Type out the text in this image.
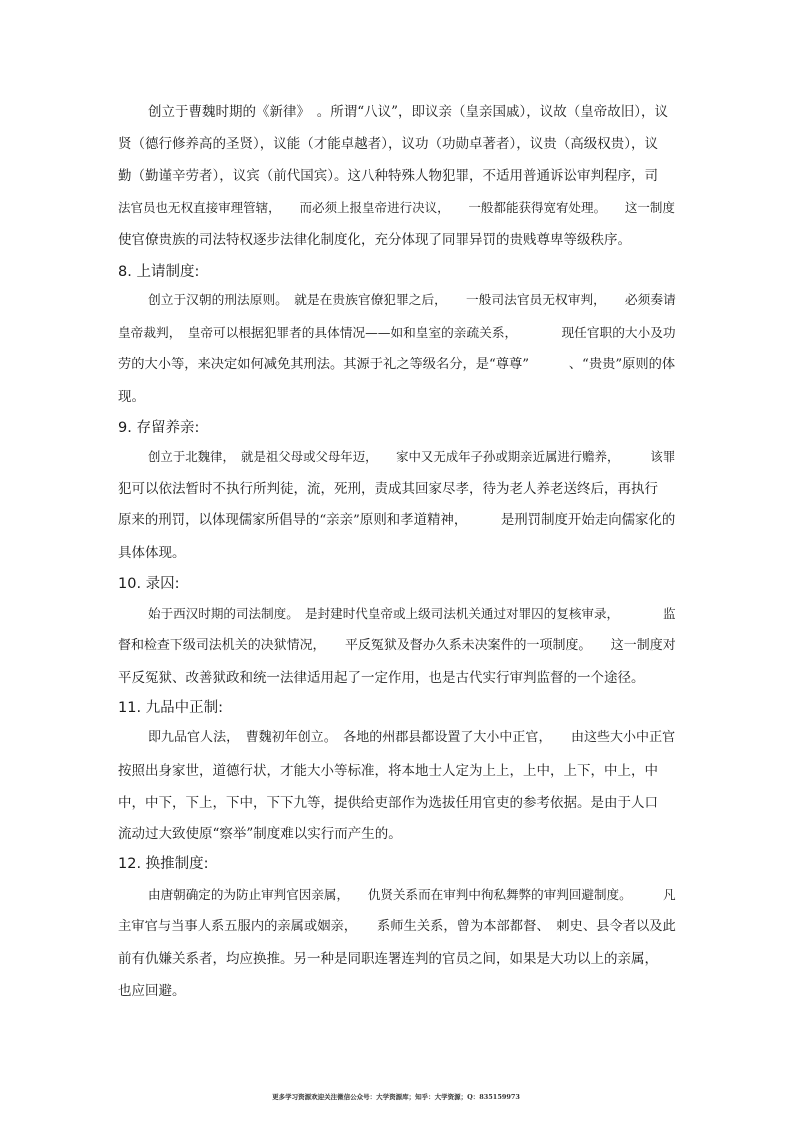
创立于曹魏时期的《新律》　。所谓“八议”，即议亲（皇亲国戚），议故（皇帝故旧），议
贤（德行修养高的圣贤），议能（才能卓越者），议功（功勋卓著者），议贵（高级权贵），议
勤（勤谨辛劳者），议宾（前代国宾）。这八种特殊人物犯罪，不适用普通诉讼审判程序，司
法官员也无权直接审理管辖，　　而必须上报皇帝进行决议，　　一般都能获得宽宥处理。　　这一制度
使官僚贵族的司法特权逐步法律化制度化，充分体现了同罪异罚的贵贱尊卑等级秩序。
8. 上请制度:
创立于汉朝的刑法原则。　就是在贵族官僚犯罪之后，　　一般司法官员无权审判，　　必须奏请
皇帝裁判，　皇帝可以根据犯罪者的具体情况——如和皇室的亲疏关系，　　　　现任官职的大小及功
劳的大小等，来决定如何减免其刑法。其源于礼之等级名分，是“尊尊”　　　、“贵贵”原则的体
现。
9. 存留养亲:
创立于北魏律，　就是祖父母或父母年迈，　　家中又无成年子孙或期亲近属进行赡养，　　　该罪
犯可以依法暂时不执行所判徒，流，死刑，责成其回家尽孝，待为老人养老送终后，再执行
原来的刑罚，以体现儒家所倡导的“亲亲”原则和孝道精神，　　　是刑罚制度开始走向儒家化的
具体体现。
10. 录囚:
始于西汉时期的司法制度。　是封建时代皇帝或上级司法机关通过对罪囚的复核审录，　　　　监
督和检查下级司法机关的决狱情况，　　平反冤狱及督办久系未决案件的一项制度。　　这一制度对
平反冤狱、改善狱政和统一法律适用起了一定作用，也是古代实行审判监督的一个途径。
11. 九品中正制:
即九品官人法，　曹魏初年创立。　各地的州郡县都设置了大小中正官，　　由这些大小中正官
按照出身家世，道德行状，才能大小等标准，将本地士人定为上上，上中，上下，中上，中
中，中下，下上，下中，下下九等，提供给吏部作为选拔任用官吏的参考依据。是由于人口
流动过大致使原“察举”制度难以实行而产生的。
12. 换推制度:
由唐朝确定的为防止审判官因亲属，　　仇贤关系而在审判中徇私舞弊的审判回避制度。　　　凡
主审官与当事人系五服内的亲属或姻亲，　　系师生关系，曾为本部都督、　刺史、县令者以及此
前有仇嫌关系者，均应换推。另一种是同职连署连判的官员之间，如果是大功以上的亲属，
也应回避。
更多学习资源欢迎关注微信公众号：大学资源库；知乎：大学资源；Q：835159973
